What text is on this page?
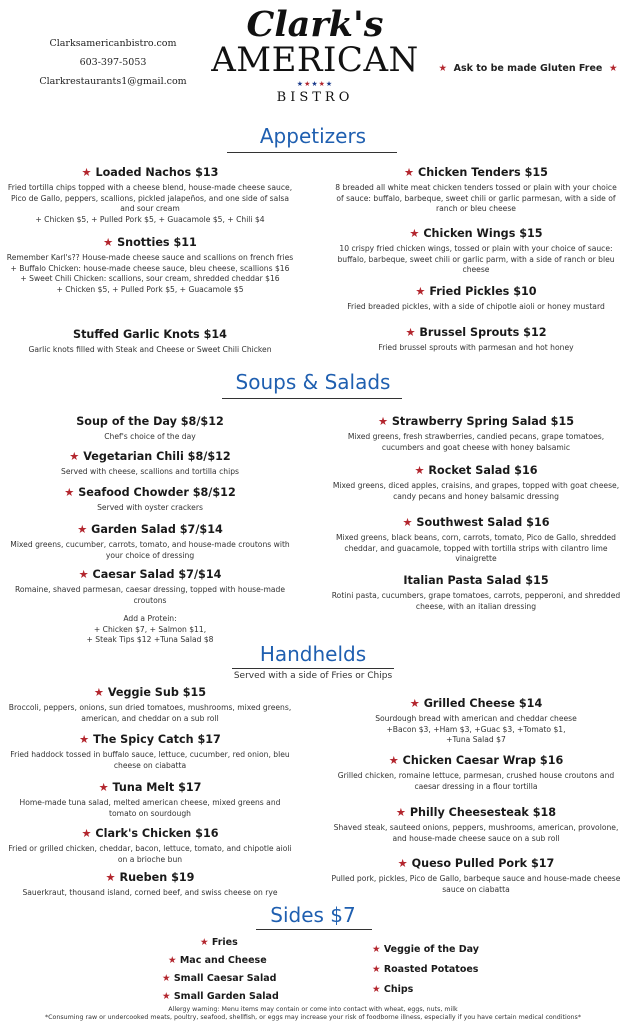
Clarksamericanbistro.com
603-397-5053
Clarkrestaurants1@gmail.com
Clark's
AMERICAN
★★★★★
BISTRO
★ Ask to be made Gluten Free ★
Appetizers
★ Loaded Nachos $13
Fried tortilla chips topped with a cheese blend, house-made cheese sauce, Pico de Gallo, peppers, scallions, pickled jalapeños, and one side of salsa and sour cream
+ Chicken $5, + Pulled Pork $5, + Guacamole $5, + Chili $4
★ Snotties $11
Remember Karl's?? House-made cheese sauce and scallions on french fries
+ Buffalo Chicken: house-made cheese sauce, bleu cheese, scallions $16
+ Sweet Chili Chicken: scallions, sour cream, shredded cheddar $16
+ Chicken $5, + Pulled Pork $5, + Guacamole $5
Stuffed Garlic Knots $14
Garlic knots filled with Steak and Cheese or Sweet Chili Chicken
★ Chicken Tenders $15
8 breaded all white meat chicken tenders tossed or plain with your choice of sauce: buffalo, barbeque, sweet chili or garlic parmesan, with a side of ranch or bleu cheese
★ Chicken Wings $15
10 crispy fried chicken wings, tossed or plain with your choice of sauce: buffalo, barbeque, sweet chili or garlic parm, with a side of ranch or bleu cheese
★ Fried Pickles $10
Fried breaded pickles, with a side of chipotle aioli or honey mustard
★ Brussel Sprouts $12
Fried brussel sprouts with parmesan and hot honey
Soups & Salads
Soup of the Day $8/$12
Chef's choice of the day
★ Vegetarian Chili $8/$12
Served with cheese, scallions and tortilla chips
★ Seafood Chowder $8/$12
Served with oyster crackers
★ Garden Salad $7/$14
Mixed greens, cucumber, carrots, tomato, and house-made croutons with your choice of dressing
★ Caesar Salad $7/$14
Romaine, shaved parmesan, caesar dressing, topped with house-made croutons
★ Strawberry Spring Salad $15
Mixed greens, fresh strawberries, candied pecans, grape tomatoes, cucumbers and goat cheese with honey balsamic
★ Rocket Salad $16
Mixed greens, diced apples, craisins, and grapes, topped with goat cheese, candy pecans and honey balsamic dressing
★ Southwest Salad $16
Mixed greens, black beans, corn, carrots, tomato, Pico de Gallo, shredded cheddar, and guacamole, topped with tortilla strips with cilantro lime vinaigrette
Italian Pasta Salad $15
Rotini pasta, cucumbers, grape tomatoes, carrots, pepperoni, and shredded cheese, with an italian dressing
Add a Protein:
+ Chicken $7, + Salmon $11,
+ Steak Tips $12 +Tuna Salad $8
Handhelds
Served with a side of Fries or Chips
★ Veggie Sub $15
Broccoli, peppers, onions, sun dried tomatoes, mushrooms, mixed greens, american, and cheddar on a sub roll
★ The Spicy Catch $17
Fried haddock tossed in buffalo sauce, lettuce, cucumber, red onion, bleu cheese on ciabatta
★ Tuna Melt $17
Home-made tuna salad, melted american cheese, mixed greens and tomato on sourdough
★ Clark's Chicken $16
Fried or grilled chicken, cheddar, bacon, lettuce, tomato, and chipotle aioli on a brioche bun
★ Rueben $19
Sauerkraut, thousand island, corned beef, and swiss cheese on rye
★ Grilled Cheese $14
Sourdough bread with american and cheddar cheese
+Bacon $3, +Ham $3, +Guac $3, +Tomato $1,
+Tuna Salad $7
★ Chicken Caesar Wrap $16
Grilled chicken, romaine lettuce, parmesan, crushed house croutons and caesar dressing in a flour tortilla
★ Philly Cheesesteak $18
Shaved steak, sauteed onions, peppers, mushrooms, american, provolone, and house-made cheese sauce on a sub roll
★ Queso Pulled Pork $17
Pulled pork, pickles, Pico de Gallo, barbeque sauce and house-made cheese sauce on ciabatta
Sides $7
★ Fries
★ Mac and Cheese
★ Small Caesar Salad
★ Small Garden Salad
★ Veggie of the Day
★ Roasted Potatoes
★ Chips
Allergy warning: Menu items may contain or come into contact with wheat, eggs, nuts, milk
*Consuming raw or undercooked meats, poultry, seafood, shellfish, or eggs may increase your risk of foodborne illness, especially if you have certain medical conditions*
